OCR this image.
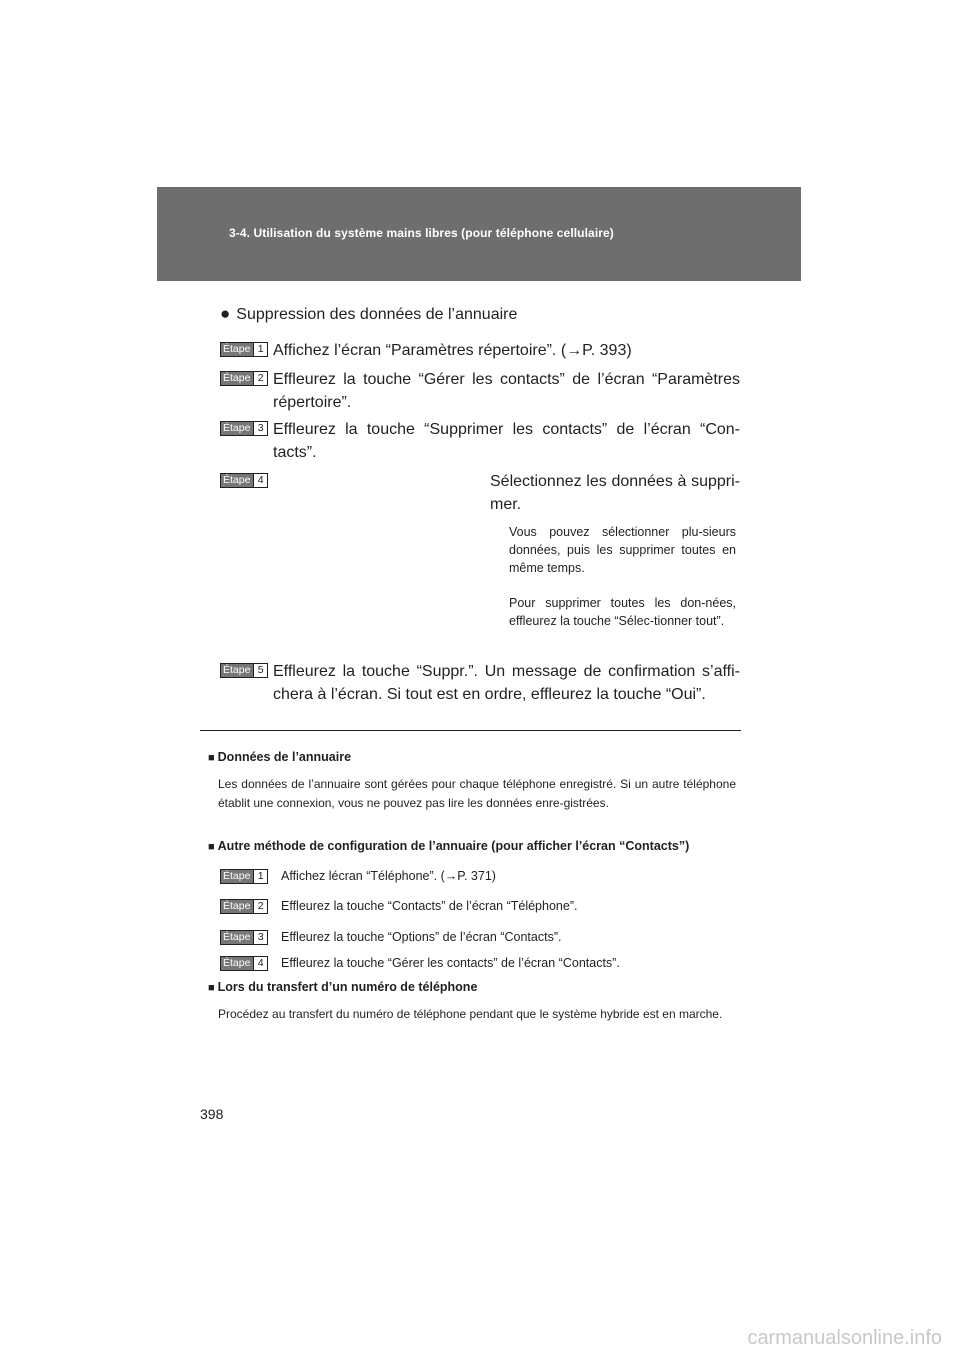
3-4. Utilisation du système mains libres (pour téléphone cellulaire)
● Suppression des données de l’annuaire
Étape 1 Affichez l’écran “Paramètres répertoire”. (→P. 393)
Étape 2 Effleurez la touche “Gérer les contacts” de l’écran “Paramètres répertoire”.
Étape 3 Effleurez la touche “Supprimer les contacts” de l’écran “Con-tacts”.
Étape 4	Sélectionnez les données à suppri-mer.
Vous pouvez sélectionner plu-sieurs données, puis les supprimer toutes en même temps.
Pour supprimer toutes les don-nées, effleurez la touche “Sélec-tionner tout”.
Étape 5 Effleurez la touche “Suppr.”. Un message de confirmation s’affi-chera à l’écran. Si tout est en ordre, effleurez la touche “Oui”.
■ Données de l’annuaire
Les données de l’annuaire sont gérées pour chaque téléphone enregistré. Si un autre téléphone établit une connexion, vous ne pouvez pas lire les données enre-gistrées.
■ Autre méthode de configuration de l’annuaire (pour afficher l’écran “Contacts”)
Étape 1 Affichez lécran “Téléphone”. (→P. 371)
Étape 2 Effleurez la touche “Contacts” de l’écran “Téléphone”.
Étape 3 Effleurez la touche “Options” de l’écran “Contacts”.
Étape 4 Effleurez la touche “Gérer les contacts” de l’écran “Contacts”.
■ Lors du transfert d’un numéro de téléphone
Procédez au transfert du numéro de téléphone pendant que le système hybride est en marche.
398
carmanualsonline.info
